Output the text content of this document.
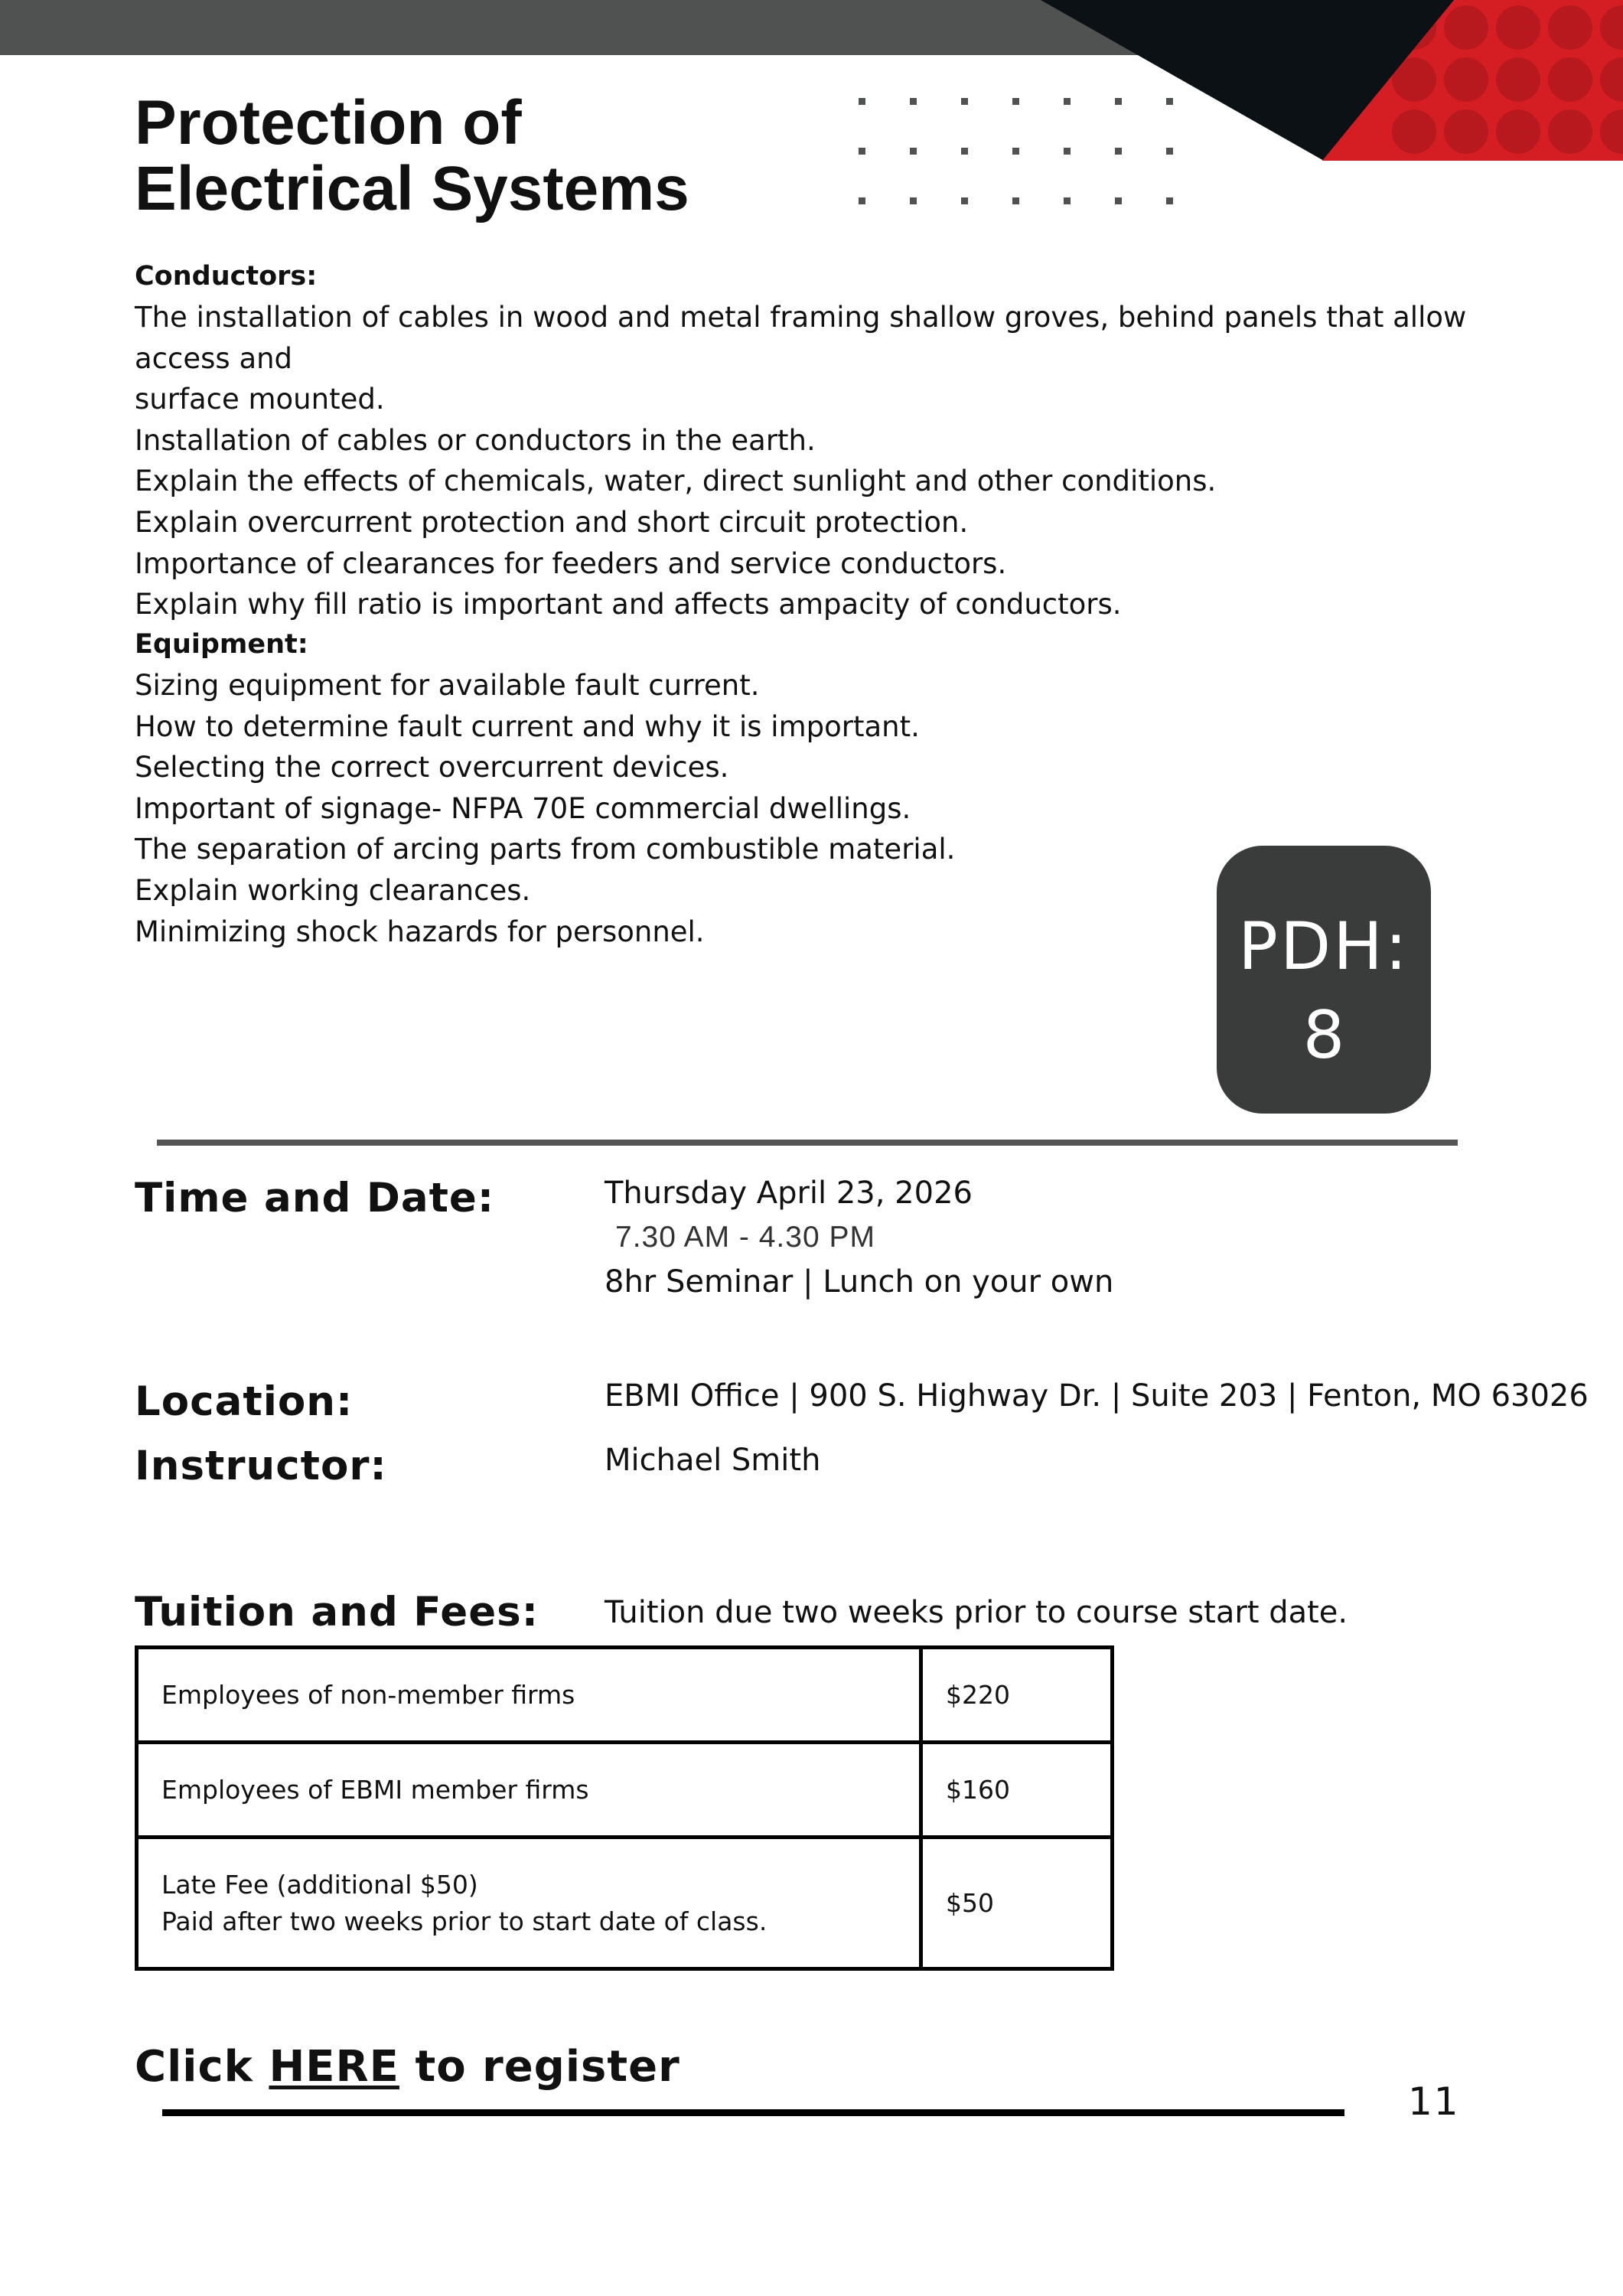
Protection of
Electrical Systems
Conductors:
The installation of cables in wood and metal framing shallow groves, behind panels that allow access and
surface mounted.
Installation of cables or conductors in the earth.
Explain the effects of chemicals, water, direct sunlight and other conditions.
Explain overcurrent protection and short circuit protection.
Importance of clearances for feeders and service conductors.
Explain why fill ratio is important and affects ampacity of conductors.
Equipment:
Sizing equipment for available fault current.
How to determine fault current and why it is important.
Selecting the correct overcurrent devices.
Important of signage- NFPA 70E commercial dwellings.
The separation of arcing parts from combustible material.
Explain working clearances.
Minimizing shock hazards for personnel.	PDH:
8
Time and Date:	Thursday April 23, 2026
7.30 AM - 4.30 PM
8hr Seminar | Lunch on your own

Location:	EBMI Office | 900 S. Highway Dr. | Suite 203 | Fenton, MO 63026

Instructor:	Michael Smith

Tuition and Fees: Tuition due two weeks prior to course start date.

Employees of non-member firms	$220

Employees of EBMI member firms	$160

Late Fee (additional $50)
Paid after two weeks prior to start date of class.	$50

Click HERE to register

11
